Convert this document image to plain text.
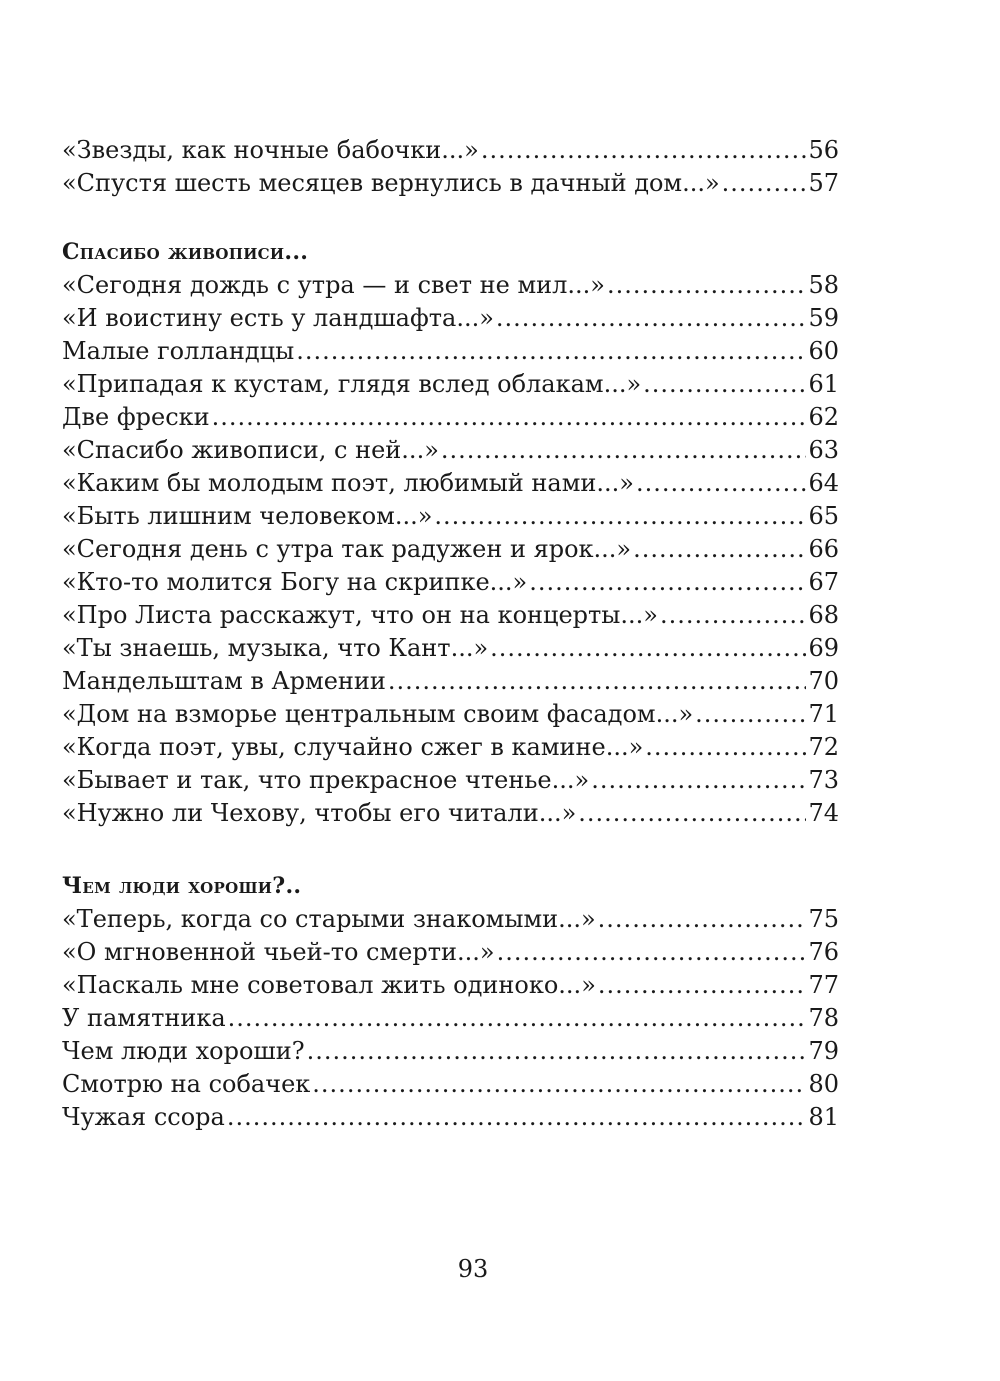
«Звезды, как ночные бабочки...» .....	56
«Спустя шесть месяцев вернулись в дачный дом...» .....	57
Спасибо живописи...
«Сегодня дождь с утра — и свет не мил...» .....	58
«И воистину есть у ландшафта...» .....	59
Малые голландцы .....	60
«Припадая к кустам, глядя вслед облакам...» .....	61
Две фрески .....	62
«Спасибо живописи, с ней...» .....	63
«Каким бы молодым поэт, любимый нами...» .....	64
«Быть лишним человеком...» .....	65
«Сегодня день с утра так радужен и ярок...» .....	66
«Кто-то молится Богу на скрипке...» .....	67
«Про Листа расскажут, что он на концерты...» .....	68
«Ты знаешь, музыка, что Кант...» .....	69
Мандельштам в Армении .....	70
«Дом на взморье центральным своим фасадом...» .....	71
«Когда поэт, увы, случайно сжег в камине...» .....	72
«Бывает и так, что прекрасное чтенье...» .....	73
«Нужно ли Чехову, чтобы его читали...» .....	74
Чем люди хороши?..
«Теперь, когда со старыми знакомыми...» .....	75
«О мгновенной чьей-то смерти...» .....	76
«Паскаль мне советовал жить одиноко...» .....	77
У памятника .....	78
Чем люди хороши? .....	79
Смотрю на собачек .....	80
Чужая ссора .....	81
93
